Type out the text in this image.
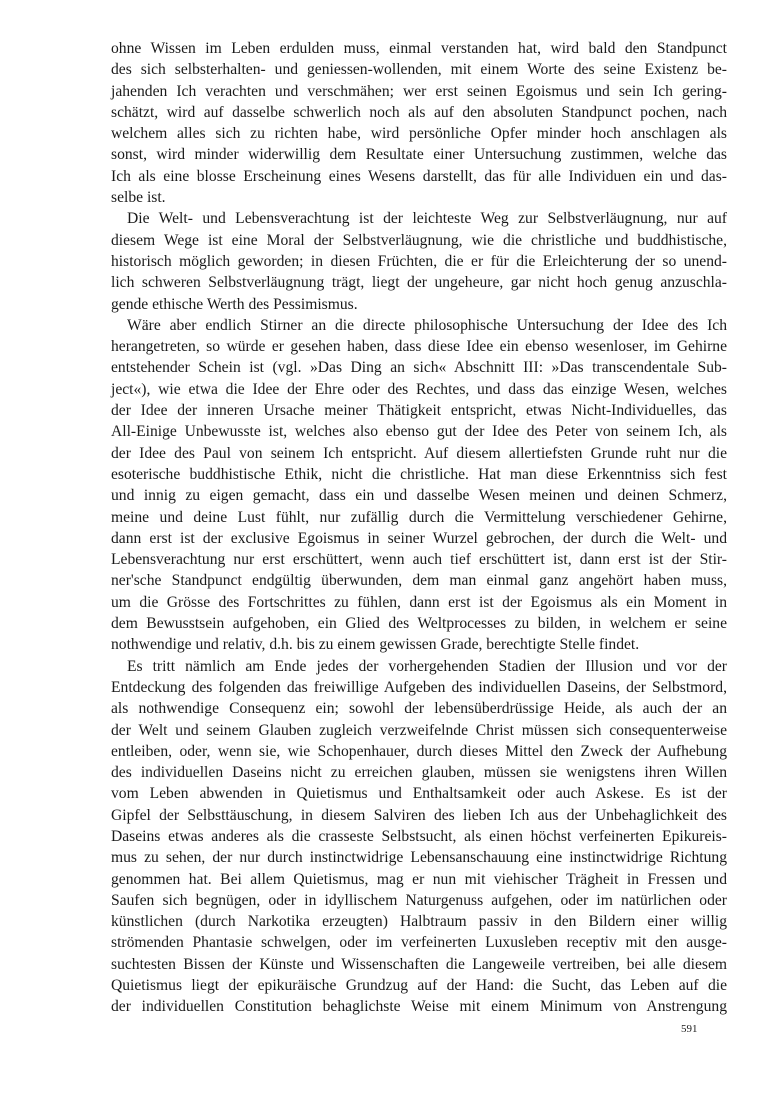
ohne Wissen im Leben erdulden muss, einmal verstanden hat, wird bald den Standpunct
des sich selbsterhalten- und geniessen-wollenden, mit einem Worte des seine Existenz be-
jahenden Ich verachten und verschmähen; wer erst seinen Egoismus und sein Ich gering-
schätzt, wird auf dasselbe schwerlich noch als auf den absoluten Standpunct pochen, nach
welchem alles sich zu richten habe, wird persönliche Opfer minder hoch anschlagen als
sonst, wird minder widerwillig dem Resultate einer Untersuchung zustimmen, welche das
Ich als eine blosse Erscheinung eines Wesens darstellt, das für alle Individuen ein und das-
selbe ist.
Die Welt- und Lebensverachtung ist der leichteste Weg zur Selbstverläugnung, nur auf
diesem Wege ist eine Moral der Selbstverläugnung, wie die christliche und buddhistische,
historisch möglich geworden; in diesen Früchten, die er für die Erleichterung der so unend-
lich schweren Selbstverläugnung trägt, liegt der ungeheure, gar nicht hoch genug anzuschla-
gende ethische Werth des Pessimismus.
Wäre aber endlich Stirner an die directe philosophische Untersuchung der Idee des Ich
herangetreten, so würde er gesehen haben, dass diese Idee ein ebenso wesenloser, im Gehirne
entstehender Schein ist (vgl. »Das Ding an sich« Abschnitt III: »Das transcendentale Sub-
ject«), wie etwa die Idee der Ehre oder des Rechtes, und dass das einzige Wesen, welches
der Idee der inneren Ursache meiner Thätigkeit entspricht, etwas Nicht-Individuelles, das
All-Einige Unbewusste ist, welches also ebenso gut der Idee des Peter von seinem Ich, als
der Idee des Paul von seinem Ich entspricht. Auf diesem allertiefsten Grunde ruht nur die
esoterische buddhistische Ethik, nicht die christliche. Hat man diese Erkenntniss sich fest
und innig zu eigen gemacht, dass ein und dasselbe Wesen meinen und deinen Schmerz,
meine und deine Lust fühlt, nur zufällig durch die Vermittelung verschiedener Gehirne,
dann erst ist der exclusive Egoismus in seiner Wurzel gebrochen, der durch die Welt- und
Lebensverachtung nur erst erschüttert, wenn auch tief erschüttert ist, dann erst ist der Stir-
ner'sche Standpunct endgültig überwunden, dem man einmal ganz angehört haben muss,
um die Grösse des Fortschrittes zu fühlen, dann erst ist der Egoismus als ein Moment in
dem Bewusstsein aufgehoben, ein Glied des Weltprocesses zu bilden, in welchem er seine
nothwendige und relativ, d.h. bis zu einem gewissen Grade, berechtigte Stelle findet.
Es tritt nämlich am Ende jedes der vorhergehenden Stadien der Illusion und vor der
Entdeckung des folgenden das freiwillige Aufgeben des individuellen Daseins, der Selbstmord,
als nothwendige Consequenz ein; sowohl der lebensüberdrüssige Heide, als auch der an
der Welt und seinem Glauben zugleich verzweifelnde Christ müssen sich consequenterweise
entleiben, oder, wenn sie, wie Schopenhauer, durch dieses Mittel den Zweck der Aufhebung
des individuellen Daseins nicht zu erreichen glauben, müssen sie wenigstens ihren Willen
vom Leben abwenden in Quietismus und Enthaltsamkeit oder auch Askese. Es ist der
Gipfel der Selbsttäuschung, in diesem Salviren des lieben Ich aus der Unbehaglichkeit des
Daseins etwas anderes als die crasseste Selbstsucht, als einen höchst verfeinerten Epikureis-
mus zu sehen, der nur durch instinctwidrige Lebensanschauung eine instinctwidrige Richtung
genommen hat. Bei allem Quietismus, mag er nun mit viehischer Trägheit in Fressen und
Saufen sich begnügen, oder in idyllischem Naturgenuss aufgehen, oder im natürlichen oder
künstlichen (durch Narkotika erzeugten) Halbtraum passiv in den Bildern einer willig
strömenden Phantasie schwelgen, oder im verfeinerten Luxusleben receptiv mit den ausge-
suchtesten Bissen der Künste und Wissenschaften die Langeweile vertreiben, bei alle diesem
Quietismus liegt der epikuräische Grundzug auf der Hand: die Sucht, das Leben auf die
der individuellen Constitution behaglichste Weise mit einem Minimum von Anstrengung
591
